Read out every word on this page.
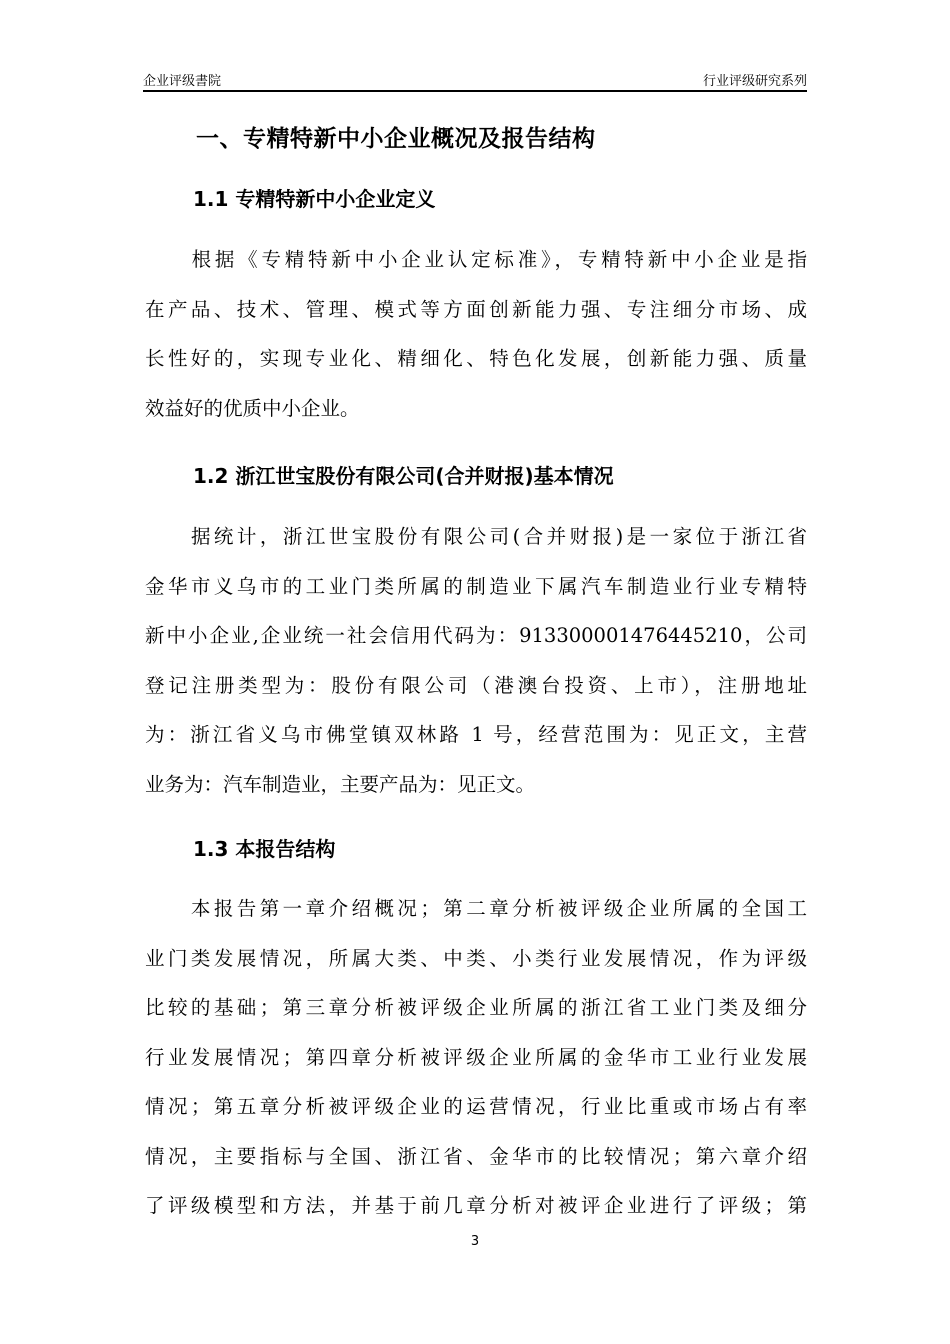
企业评级書院	行业评级研究系列
一、专精特新中小企业概况及报告结构
1.1 专精特新中小企业定义
　　根据《专精特新中小企业认定标准》，专精特新中小企业是指
在产品、技术、管理、模式等方面创新能力强、专注细分市场、成
长性好的，实现专业化、精细化、特色化发展，创新能力强、质量
效益好的优质中小企业。
1.2 浙江世宝股份有限公司(合并财报)基本情况
　　据统计，浙江世宝股份有限公司(合并财报)是一家位于浙江省
金华市义乌市的工业门类所属的制造业下属汽车制造业行业专精特
新中小企业,企业统一社会信用代码为：913300001476445210，公司
登记注册类型为：股份有限公司（港澳台投资、上市），注册地址
为：浙江省义乌市佛堂镇双林路 1 号，经营范围为：见正文，主营
业务为：汽车制造业，主要产品为：见正文。
1.3 本报告结构
　　本报告第一章介绍概况；第二章分析被评级企业所属的全国工
业门类发展情况，所属大类、中类、小类行业发展情况，作为评级
比较的基础；第三章分析被评级企业所属的浙江省工业门类及细分
行业发展情况；第四章分析被评级企业所属的金华市工业行业发展
情况；第五章分析被评级企业的运营情况，行业比重或市场占有率
情况，主要指标与全国、浙江省、金华市的比较情况；第六章介绍
了评级模型和方法，并基于前几章分析对被评企业进行了评级；第
3
